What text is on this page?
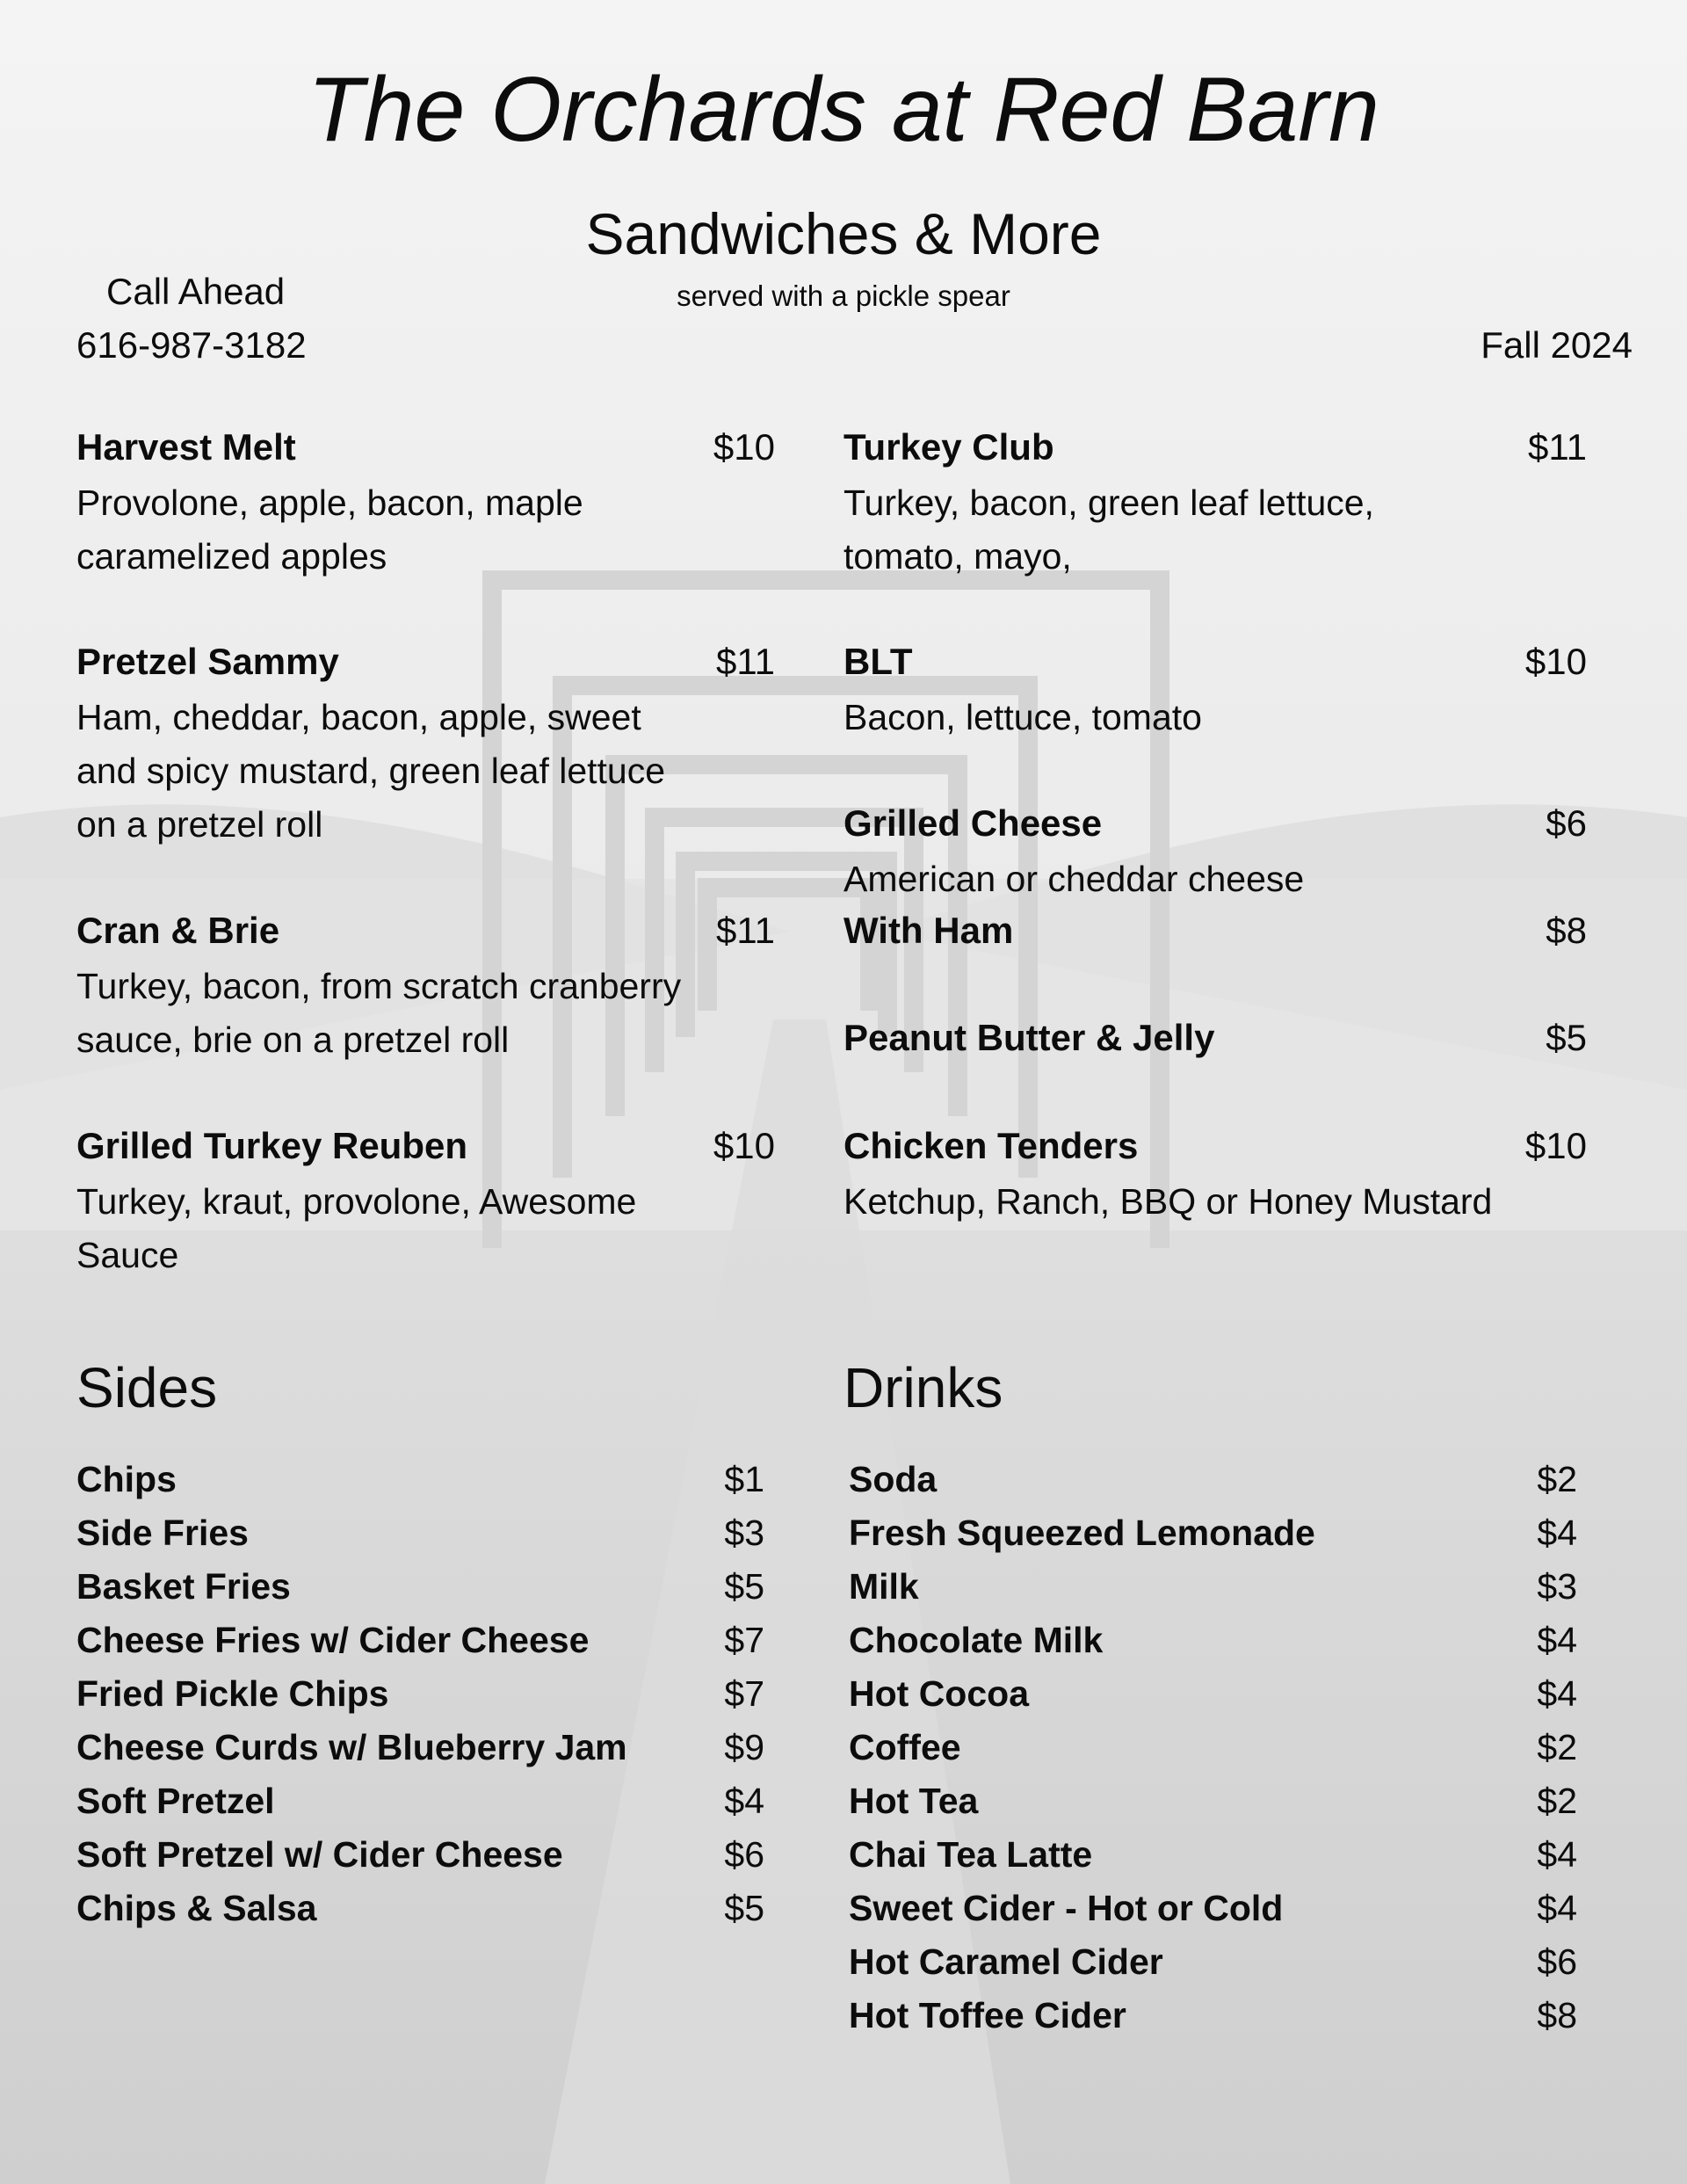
The Orchards at Red Barn
Sandwiches & More
served with a pickle spear
Call Ahead
616-987-3182	Fall 2024
Harvest Melt	$10
Provolone, apple, bacon, maple
caramelized apples
Pretzel Sammy	$11
Ham, cheddar, bacon, apple, sweet
and spicy mustard, green leaf lettuce
on a pretzel roll
Cran & Brie	$11
Turkey, bacon, from scratch cranberry
sauce, brie on a pretzel roll
Grilled Turkey Reuben	$10
Turkey, kraut, provolone, Awesome
Sauce
Turkey Club	$11
Turkey, bacon, green leaf lettuce,
tomato, mayo,
BLT	$10
Bacon, lettuce, tomato
Grilled Cheese	$6
American or cheddar cheese
With Ham	$8
Peanut Butter & Jelly	$5
Chicken Tenders	$10
Ketchup, Ranch, BBQ or Honey Mustard
Sides
Chips	$1
Side Fries	$3
Basket Fries	$5
Cheese Fries w/ Cider Cheese	$7
Fried Pickle Chips	$7
Cheese Curds w/ Blueberry Jam	$9
Soft Pretzel	$4
Soft Pretzel w/ Cider Cheese	$6
Chips & Salsa	$5
Drinks
Soda	$2
Fresh Squeezed Lemonade	$4
Milk	$3
Chocolate Milk	$4
Hot Cocoa	$4
Coffee	$2
Hot Tea	$2
Chai Tea Latte	$4
Sweet Cider - Hot or Cold	$4
Hot Caramel Cider	$6
Hot Toffee Cider	$8
